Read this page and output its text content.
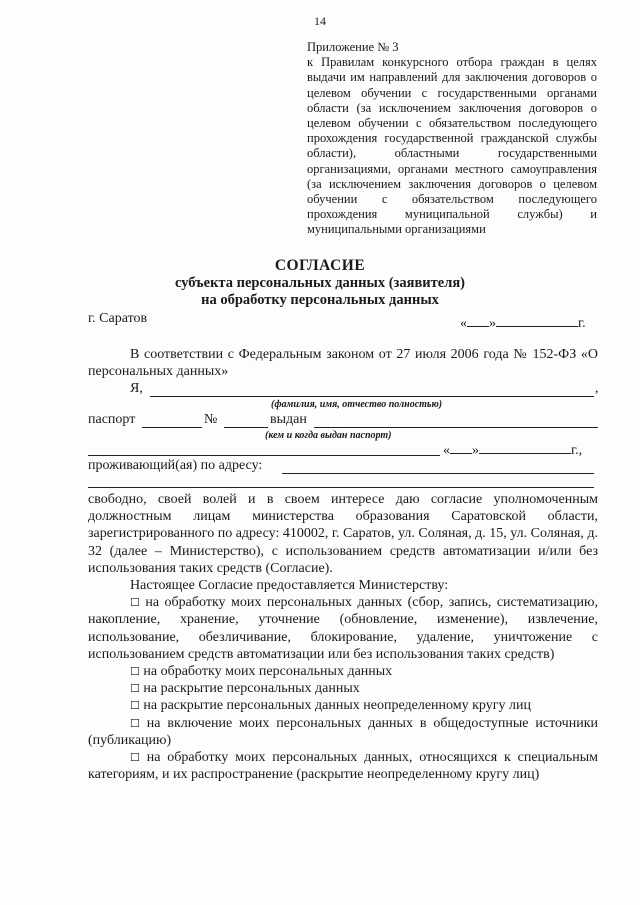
14
Приложение № 3
к Правилам конкурсного отбора граждан в целях выдачи им направлений для заключения договоров о целевом обучении с государственными органами области (за исключением заключения договоров о целевом обучении с обязательством последующего прохождения государственной гражданской службы области), областными государственными организациями, органами местного самоуправления (за исключением заключения договоров о целевом обучении с обязательством последующего прохождения муниципальной службы) и муниципальными организациями
СОГЛАСИЕ
субъекта персональных данных (заявителя)
на обработку персональных данных
г. Саратов	« »	г.
В соответствии с Федеральным законом от 27 июля 2006 года № 152-ФЗ «О персональных данных»
Я,	,
(фамилия, имя, отчество полностью)
паспорт	№	выдан
(кем и когда выдан паспорт)
« »	г.,
проживающий(ая) по адресу:

свободно, своей волей и в своем интересе даю согласие уполномоченным должностным лицам министерства образования Саратовской области, зарегистрированного по адресу: 410002, г. Саратов, ул. Соляная, д. 15, ул. Соляная, д. 32 (далее – Министерство), с использованием средств автоматизации и/или без использования таких средств (Согласие).

Настоящее Согласие предоставляется Министерству:

☐ на обработку моих персональных данных (сбор, запись, систематизацию, накопление, хранение, уточнение (обновление, изменение), извлечение, использование, обезличивание, блокирование, удаление, уничтожение с использованием средств автоматизации или без использования таких средств)

☐ на обработку моих персональных данных

☐ на раскрытие персональных данных

☐ на раскрытие персональных данных неопределенному кругу лиц

☐ на включение моих персональных данных в общедоступные источники (публикацию)

☐ на обработку моих персональных данных, относящихся к специальным категориям, и их распространение (раскрытие неопределенному кругу лиц)
